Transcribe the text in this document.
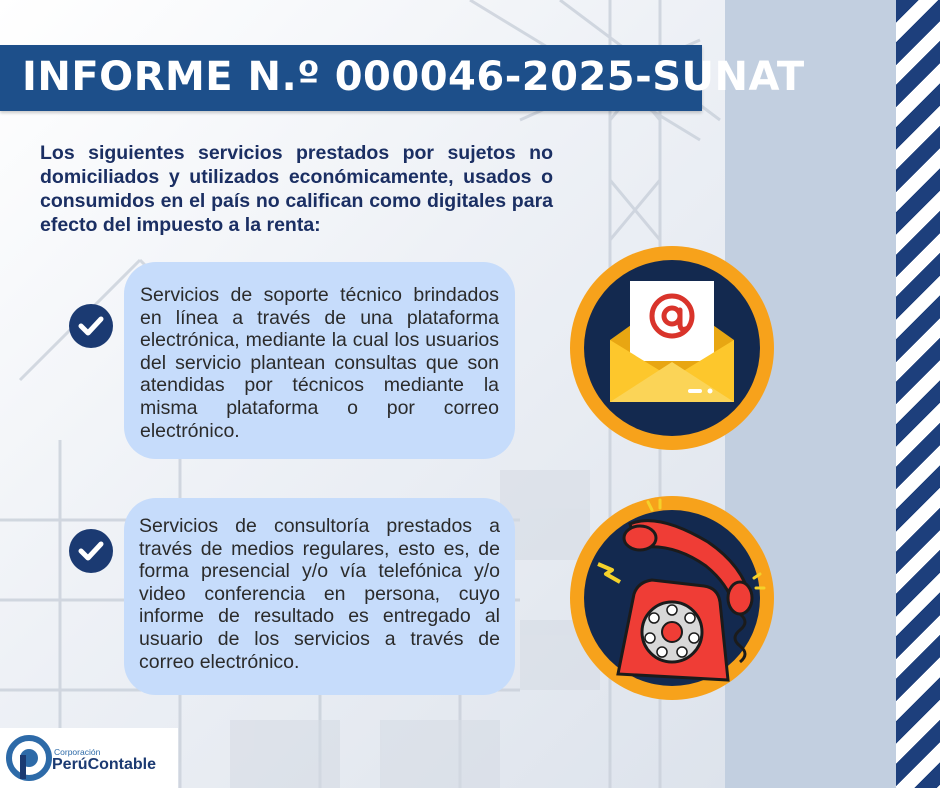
INFORME N.º 000046-2025-SUNAT

Los siguientes servicios prestados por sujetos no domiciliados y utilizados económicamente, usados o consumidos en el país no califican como digitales para efecto del impuesto a la renta:

Servicios de soporte técnico brindados en línea a través de una plataforma electrónica, mediante la cual los usuarios del servicio plantean consultas que son atendidas por técnicos mediante la misma plataforma o por correo electrónico.

Servicios de consultoría prestados a través de medios regulares, esto es, de forma presencial y/o vía telefónica y/o video conferencia en persona, cuyo informe de resultado es entregado al usuario de los servicios a través de correo electrónico.

Corporación
PerúContable
